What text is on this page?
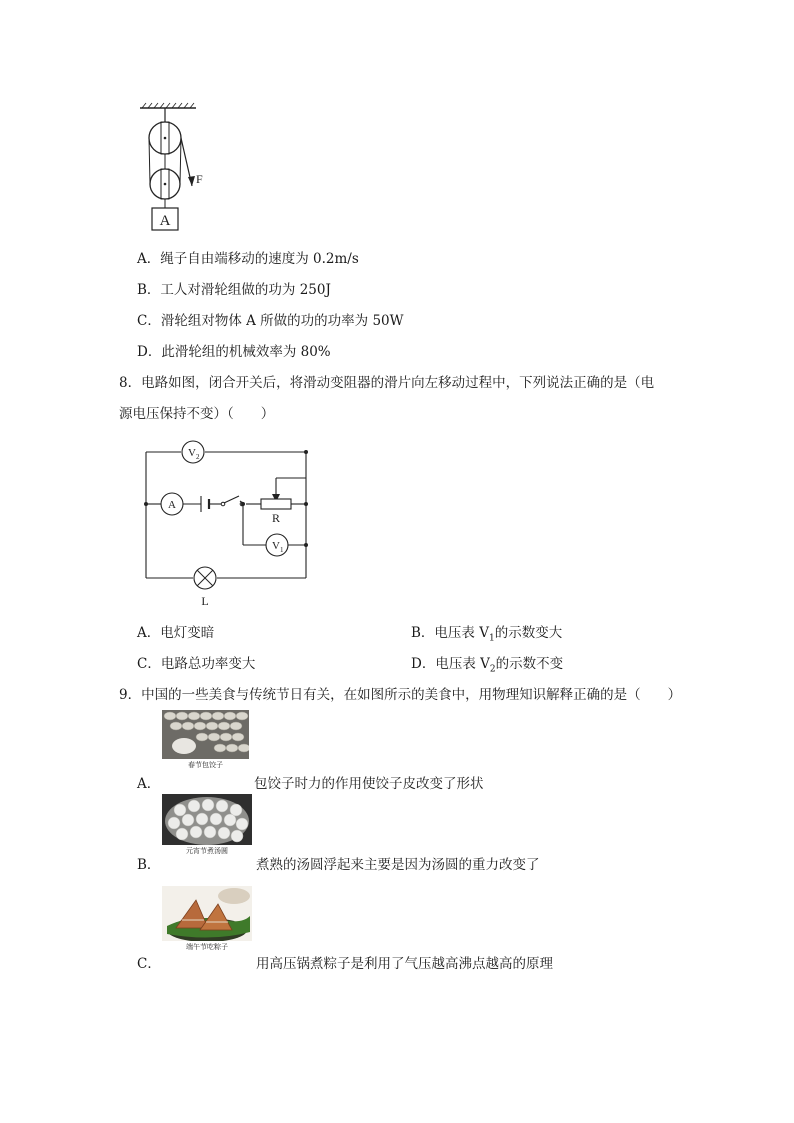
A
F
A．绳子自由端移动的速度为 0.2m/s
B．工人对滑轮组做的功为 250J
C．滑轮组对物体 A 所做的功的功率为 50W
D．此滑轮组的机械效率为 80%
8．电路如图，闭合开关后，将滑动变阻器的滑片向左移动过程中，下列说法正确的是（电
源电压保持不变）（　　）
$V_2$
A
$V_1$
R
L
A．电灯变暗	B．电压表 $V_1$的示数变大
C．电路总功率变大	D．电压表 $V_2$的示数不变
9．中国的一些美食与传统节日有关，在如图所示的美食中，用物理知识解释正确的是（　　）
春节包饺子
A．	包饺子时力的作用使饺子皮改变了形状
元宵节煮汤圆
B．	煮熟的汤圆浮起来主要是因为汤圆的重力改变了
端午节吃粽子
C．	用高压锅煮粽子是利用了气压越高沸点越高的原理
